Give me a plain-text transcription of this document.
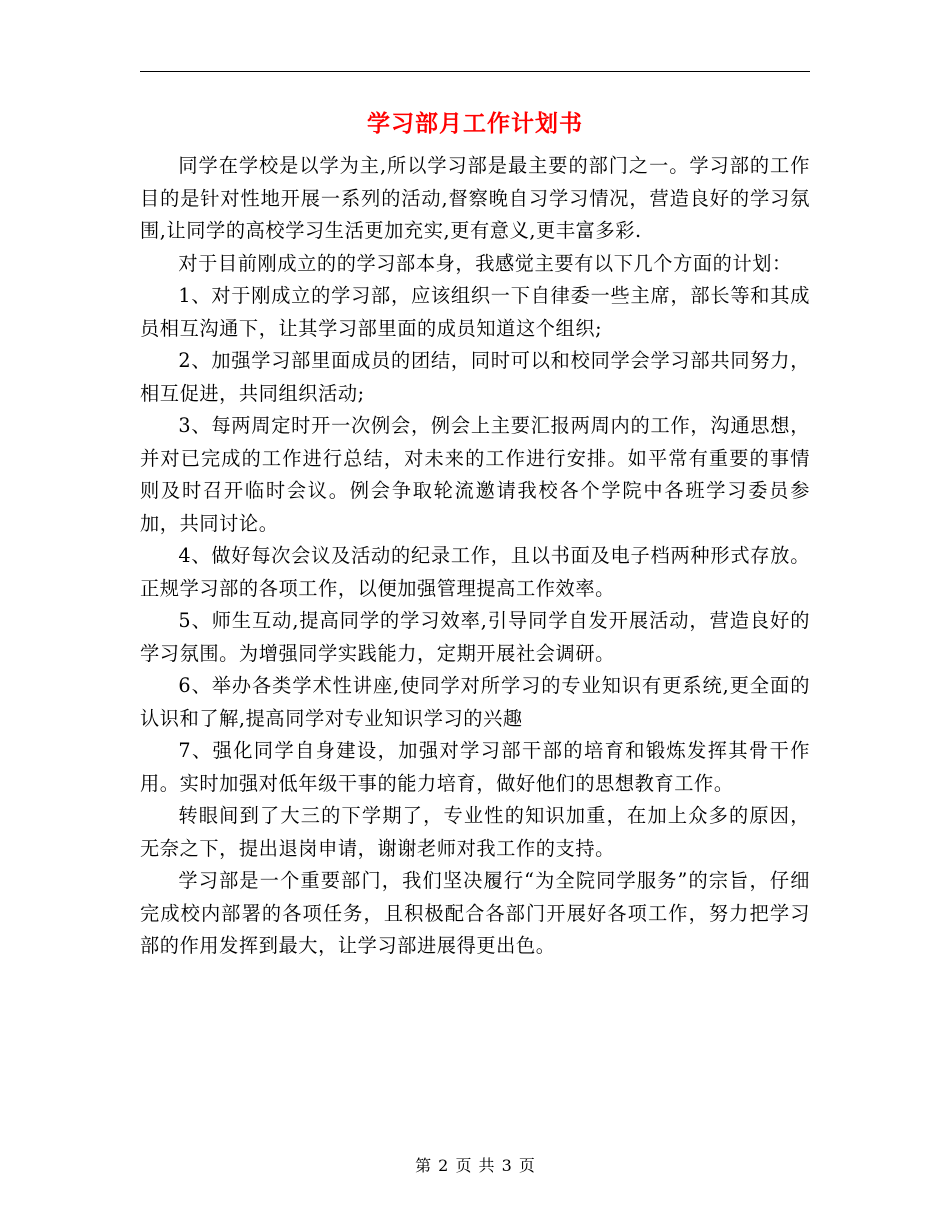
学习部月工作计划书

同学在学校是以学为主,所以学习部是最主要的部门之一。学习部的工作目的是针对性地开展一系列的活动,督察晚自习学习情况，营造良好的学习氛围,让同学的高校学习生活更加充实,更有意义,更丰富多彩.

对于目前刚成立的的学习部本身，我感觉主要有以下几个方面的计划：

1、对于刚成立的学习部，应该组织一下自律委一些主席，部长等和其成员相互沟通下，让其学习部里面的成员知道这个组织;

2、加强学习部里面成员的团结，同时可以和校同学会学习部共同努力，相互促进，共同组织活动;

3、每两周定时开一次例会，例会上主要汇报两周内的工作，沟通思想，并对已完成的工作进行总结，对未来的工作进行安排。如平常有重要的事情则及时召开临时会议。例会争取轮流邀请我校各个学院中各班学习委员参加，共同讨论。

4、做好每次会议及活动的纪录工作，且以书面及电子档两种形式存放。正规学习部的各项工作，以便加强管理提高工作效率。

5、师生互动,提高同学的学习效率,引导同学自发开展活动，营造良好的学习氛围。为增强同学实践能力，定期开展社会调研。

6、举办各类学术性讲座,使同学对所学习的专业知识有更系统,更全面的认识和了解,提高同学对专业知识学习的兴趣

7、强化同学自身建设，加强对学习部干部的培育和锻炼发挥其骨干作用。实时加强对低年级干事的能力培育，做好他们的思想教育工作。

转眼间到了大三的下学期了，专业性的知识加重，在加上众多的原因，无奈之下，提出退岗申请，谢谢老师对我工作的支持。

学习部是一个重要部门，我们坚决履行“为全院同学服务”的宗旨，仔细完成校内部署的各项任务，且积极配合各部门开展好各项工作，努力把学习部的作用发挥到最大，让学习部进展得更出色。

第 2 页 共 3 页
